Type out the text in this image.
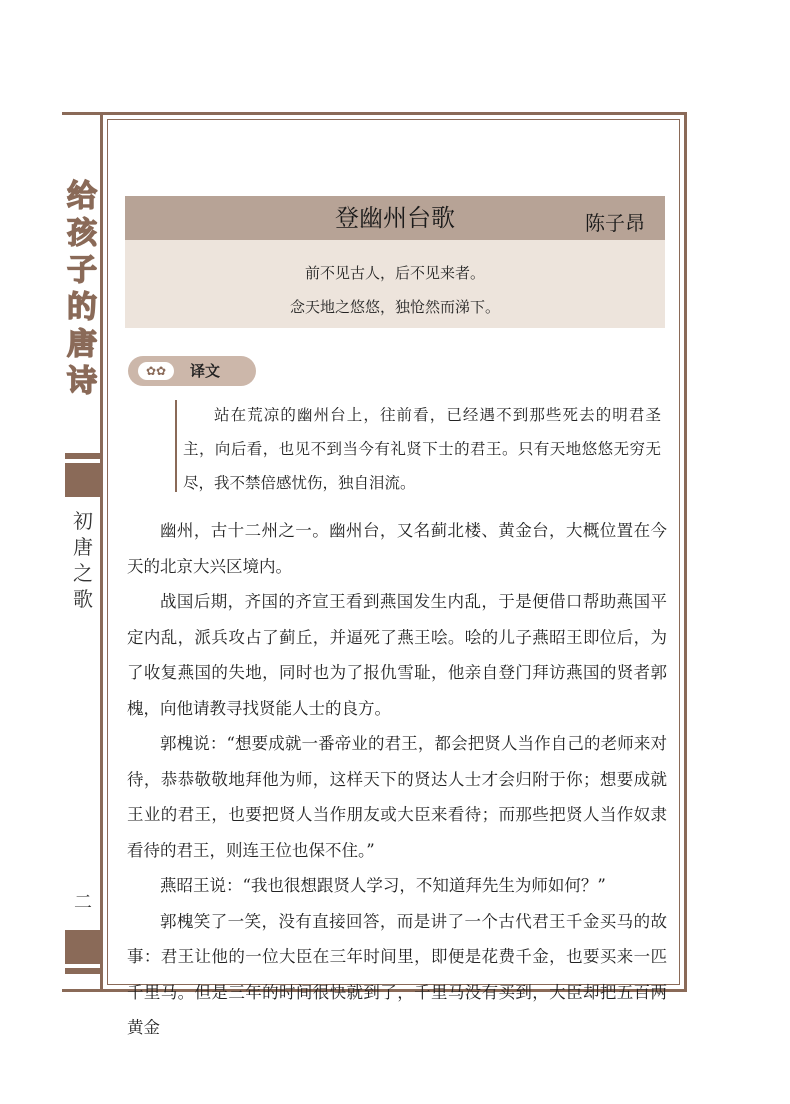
给孩子的唐诗
初唐之歌
二
登幽州台歌	陈子昂
前不见古人，后不见来者。
念天地之悠悠，独怆然而涕下。
✿✿	译文

站在荒凉的幽州台上，往前看，已经遇不到那些死去的明君圣主，向后看，也见不到当今有礼贤下士的君王。只有天地悠悠无穷无尽，我不禁倍感忧伤，独自泪流。

幽州，古十二州之一。幽州台，又名蓟北楼、黄金台，大概位置在今天的北京大兴区境内。

战国后期，齐国的齐宣王看到燕国发生内乱，于是便借口帮助燕国平定内乱，派兵攻占了蓟丘，并逼死了燕王哙。哙的儿子燕昭王即位后，为了收复燕国的失地，同时也为了报仇雪耻，他亲自登门拜访燕国的贤者郭槐，向他请教寻找贤能人士的良方。

郭槐说：“想要成就一番帝业的君王，都会把贤人当作自己的老师来对待，恭恭敬敬地拜他为师，这样天下的贤达人士才会归附于你；想要成就王业的君王，也要把贤人当作朋友或大臣来看待；而那些把贤人当作奴隶看待的君王，则连王位也保不住。”

燕昭王说：“我也很想跟贤人学习，不知道拜先生为师如何？”

郭槐笑了一笑，没有直接回答，而是讲了一个古代君王千金买马的故事：君王让他的一位大臣在三年时间里，即便是花费千金，也要买来一匹千里马。但是三年的时间很快就到了，千里马没有买到，大臣却把五百两黄金
